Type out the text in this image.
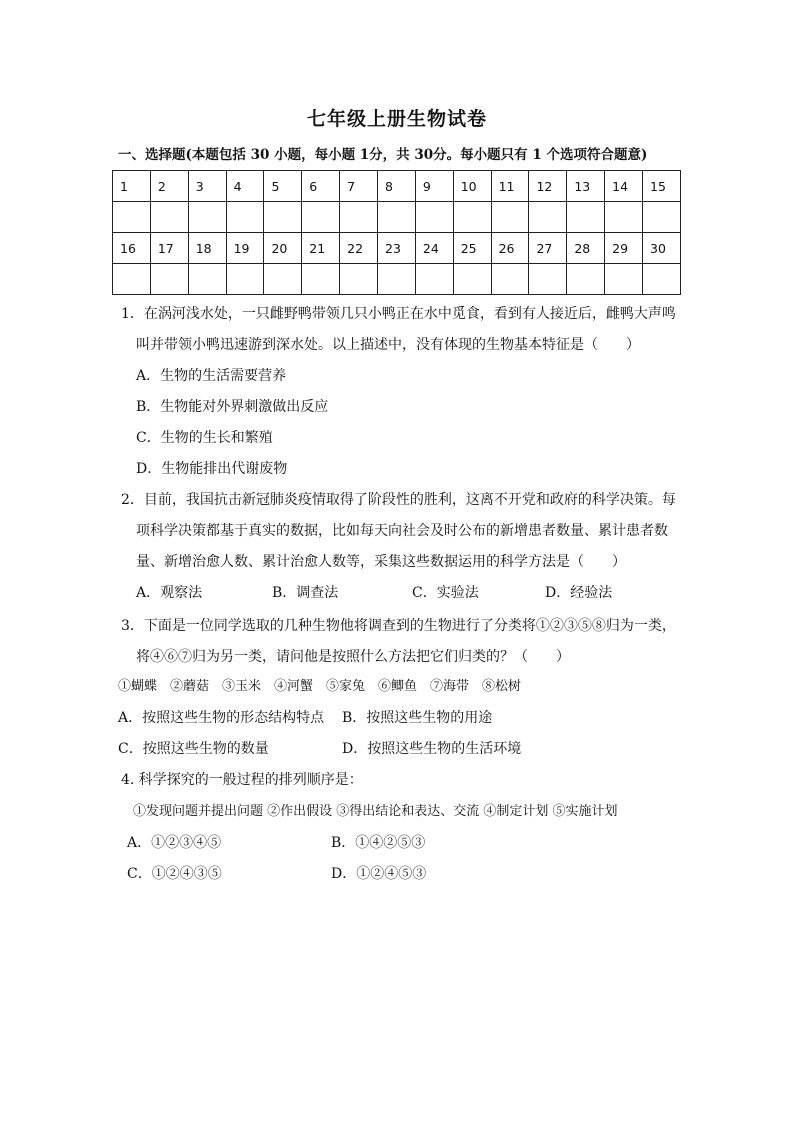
七年级上册生物试卷
一、选择题(本题包括 30 小题，每小题 1分，共 30分。每小题只有 1 个选项符合题意)
1	2	3	4	5	6	7	8	9	10	11	12	13	14	15

16	17	18	19	20	21	22	23	24	25	26	27	28	29	30

1．在涡河浅水处，一只雌野鸭带领几只小鸭正在水中觅食，看到有人接近后，雌鸭大声鸣
叫并带领小鸭迅速游到深水处。以上描述中，没有体现的生物基本特征是（　　）
A．生物的生活需要营养
B．生物能对外界刺激做出反应
C．生物的生长和繁殖
D．生物能排出代谢废物
2．目前，我国抗击新冠肺炎疫情取得了阶段性的胜利，这离不开党和政府的科学决策。每
项科学决策都基于真实的数据，比如每天向社会及时公布的新增患者数量、累计患者数
量、新增治愈人数、累计治愈人数等，采集这些数据运用的科学方法是（　　）
A．观察法	B．调查法	C．实验法	D．经验法
3．下面是一位同学选取的几种生物他将调查到的生物进行了分类将①②③⑤⑧归为一类，
将④⑥⑦归为另一类，请问他是按照什么方法把它们归类的？（　　）
①蝴蝶　②蘑菇　③玉米　④河蟹　⑤家兔　⑥鲫鱼　⑦海带　⑧松树
A．按照这些生物的形态结构特点 B．按照这些生物的用途
C．按照这些生物的数量	D．按照这些生物的生活环境
4. 科学探究的一般过程的排列顺序是：
①发现问题并提出问题 ②作出假设 ③得出结论和表达、交流 ④制定计划 ⑤实施计划
A．①②③④⑤	B．①④②⑤③
C．①②④③⑤	D．①②④⑤③
